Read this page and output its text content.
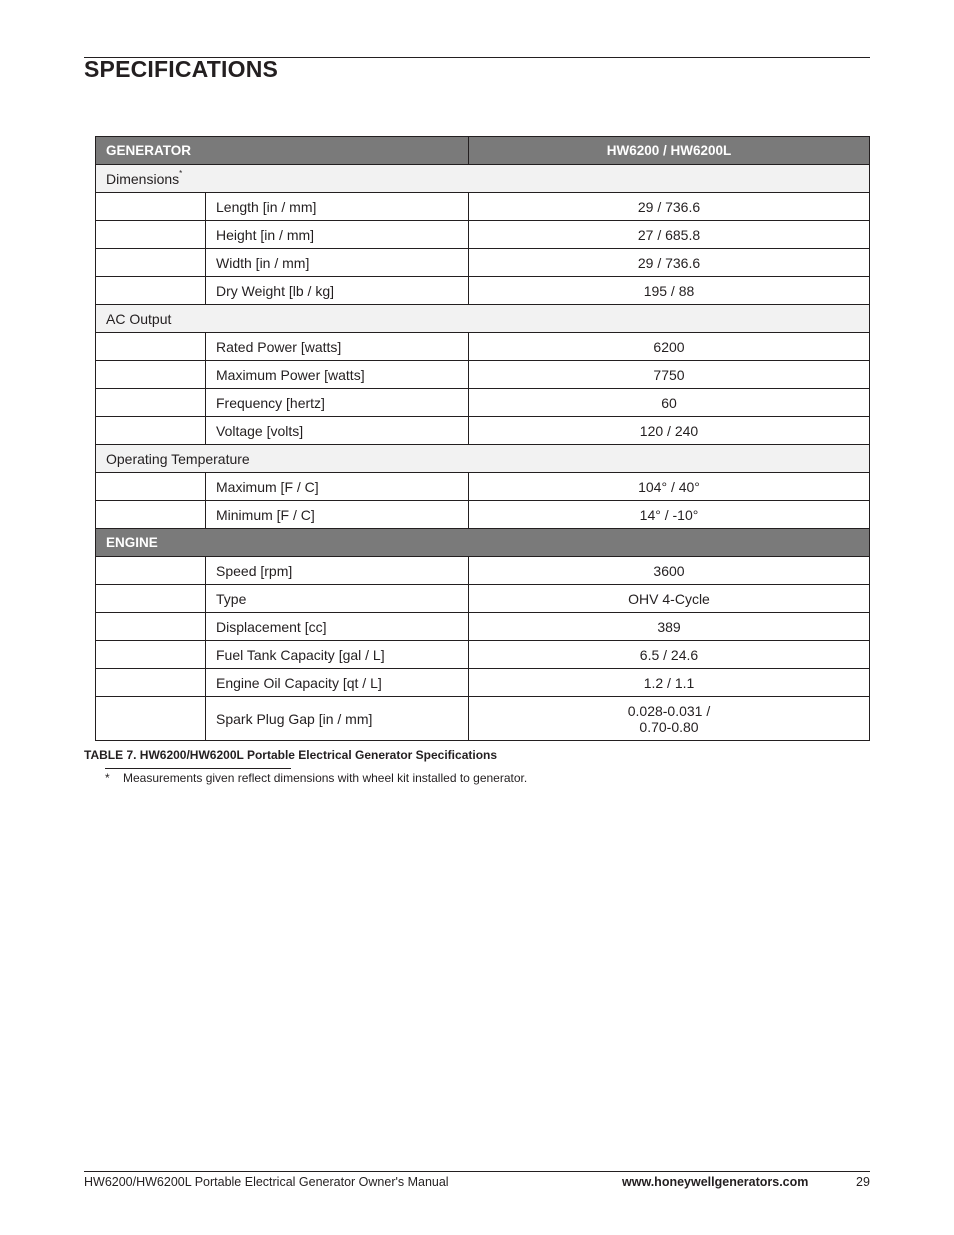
SPECIFICATIONS
GENERATOR		HW6200 / HW6200L
Dimensions*
	Length [in / mm]	29 / 736.6
	Height [in / mm]	27 / 685.8
	Width [in / mm]	29 / 736.6
	Dry Weight [lb / kg]	195 / 88
AC Output		
	Rated Power [watts]	6200
	Maximum Power [watts]	7750
	Frequency [hertz]	60
	Voltage [volts]	120 / 240
Operating Temperature		
	Maximum [F / C]	104° / 40°
	Minimum [F / C]	14° / -10°
ENGINE		
	Speed [rpm]	3600
	Type	OHV 4-Cycle
	Displacement [cc]	389
	Fuel Tank Capacity [gal / L]	6.5 / 24.6
	Engine Oil Capacity [qt / L]	1.2 / 1.1
	Spark Plug Gap [in / mm]	0.028-0.031 /
0.70-0.80
TABLE 7. HW6200/HW6200L Portable Electrical Generator Specifications
* Measurements given reflect dimensions with wheel kit installed to generator.
HW6200/HW6200L Portable Electrical Generator Owner's Manual	www.honeywellgenerators.com	29
